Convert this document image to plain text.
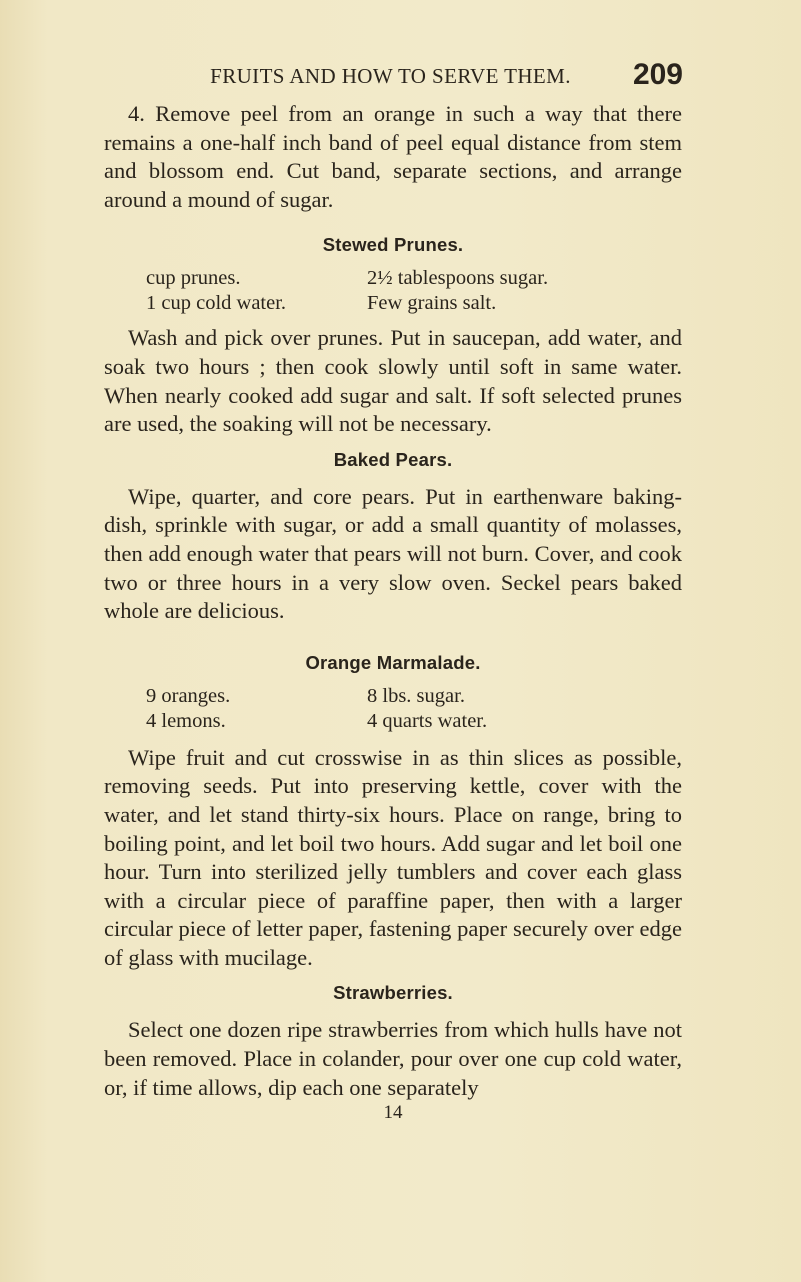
FRUITS AND HOW TO SERVE THEM.	209

4. Remove peel from an orange in such a way that there remains a one-half inch band of peel equal distance from stem and blossom end. Cut band, separate sections, and arrange around a mound of sugar.

Stewed Prunes.
cup prunes.	2½ tablespoons sugar.
1 cup cold water.	Few grains salt.

Wash and pick over prunes. Put in saucepan, add water, and soak two hours ; then cook slowly until soft in same water. When nearly cooked add sugar and salt. If soft selected prunes are used, the soaking will not be necessary.

Baked Pears.

Wipe, quarter, and core pears. Put in earthenware baking-dish, sprinkle with sugar, or add a small quantity of molasses, then add enough water that pears will not burn. Cover, and cook two or three hours in a very slow oven. Seckel pears baked whole are delicious.

Orange Marmalade.
9 oranges.	8 lbs. sugar.
4 lemons.	4 quarts water.

Wipe fruit and cut crosswise in as thin slices as possible, removing seeds. Put into preserving kettle, cover with the water, and let stand thirty-six hours. Place on range, bring to boiling point, and let boil two hours. Add sugar and let boil one hour. Turn into sterilized jelly tumblers and cover each glass with a circular piece of paraffine paper, then with a larger circular piece of letter paper, fastening paper securely over edge of glass with mucilage.

Strawberries.

Select one dozen ripe strawberries from which hulls have not been removed. Place in colander, pour over one cup cold water, or, if time allows, dip each one separately

14
